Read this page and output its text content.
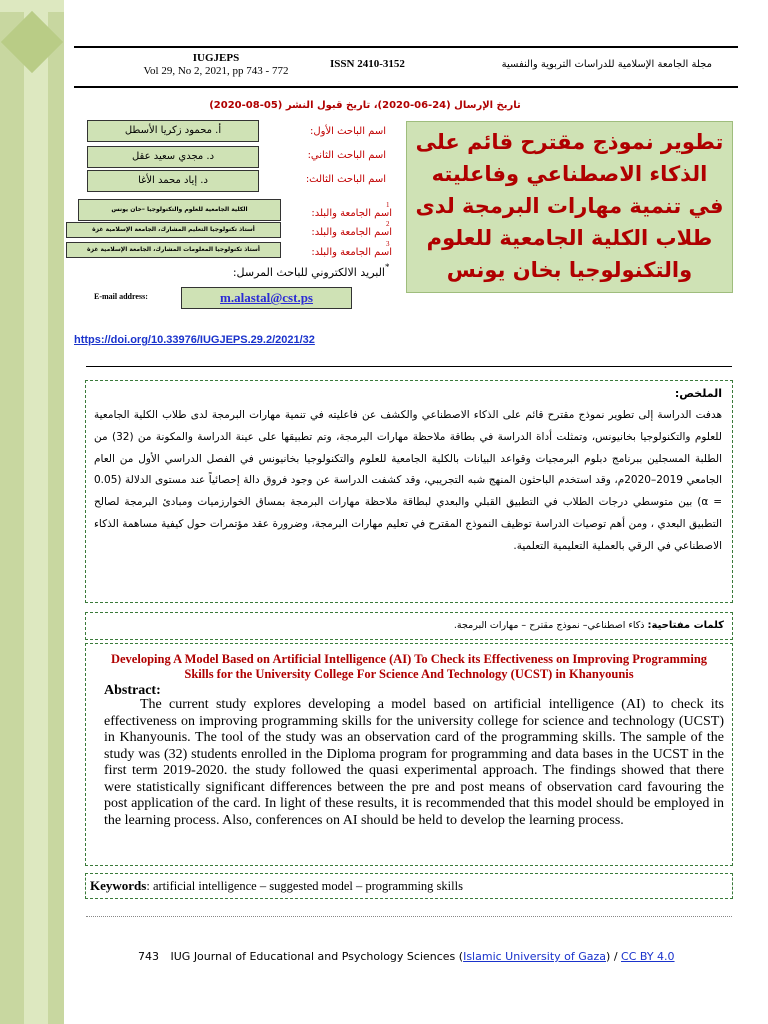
IUGJEPS
Vol 29, No 2, 2021, pp 743 - 772
ISSN 2410-3152	مجلة الجامعة الإسلامية للدراسات التربوية والنفسية
تاريخ الإرسال (24-06-2020)، تاريخ قبول النشر (05-08-2020)
تطوير نموذج مقترح قائم على الذكاء الاصطناعي وفاعليته في تنمية مهارات البرمجة لدى طلاب الكلية الجامعية للعلوم والتكنولوجيا بخان يونس
اسم الباحث الأول:
أ. محمود زكريا الأسطل
اسم الباحث الثاني:
د. مجدي سعيد عقل
اسم الباحث الثالث:
د. إياد محمد الأغا
اسم الجامعة والبلد:
1
الكلية الجامعية للعلوم والتكنولوجيا –خان يونس
اسم الجامعة والبلد:
2
أستاذ تكنولوجيا التعليم المشارك، الجامعة الإسلامية غزة
اسم الجامعة والبلد:
3
أستاذ تكنولوجيا المعلومات المشارك، الجامعة الإسلامية غزة
*
البريد الالكتروني للباحث المرسل:
E-mail address:	m.alastal@cst.ps
https://doi.org/10.33976/IUGJEPS.29.2/2021/32
الملخص:
هدفت الدراسة إلى تطوير نموذج مقترح قائم على الذكاء الاصطناعي والكشف عن فاعليته في تنمية مهارات البرمجة لدى طلاب الكلية الجامعية للعلوم والتكنولوجيا بخانيونس، وتمثلت أداة الدراسة في بطاقة ملاحظة مهارات البرمجة، وتم تطبيقها على عينة الدراسة والمكونة من (32) من الطلبة المسجلين ببرنامج دبلوم البرمجيات وقواعد البيانات بالكلية الجامعية للعلوم والتكنولوجيا بخانيونس في الفصل الدراسي الأول من العام الجامعي 2019–2020م، وقد استخدم الباحثون المنهج شبه التجريبي، وقد كشفت الدراسة عن وجود فروق دالة إحصائياً عند مستوى الدلالة (0.05 = α) بين متوسطي درجات الطلاب في التطبيق القبلي والبعدي لبطاقة ملاحظة مهارات البرمجة بمساق الخوارزميات ومبادئ البرمجة لصالح التطبيق البعدي ، ومن أهم توصيات الدراسة توظيف النموذج المقترح في تعليم مهارات البرمجة، وضرورة عقد مؤتمرات حول كيفية مساهمة الذكاء الاصطناعي في الرقي بالعملية التعليمية التعلمية.
كلمات مفتاحية: ذكاء اصطناعي– نموذج مقترح – مهارات البرمجة.
Developing A Model Based on Artificial Intelligence (AI) To Check its Effectiveness on Improving Programming Skills for the University College For Science And Technology (UCST) in Khanyounis
Abstract:
The current study explores developing a model based on artificial intelligence (AI) to check its effectiveness on improving programming skills for the university college for science and technology (UCST) in Khanyounis. The tool of the study was an observation card of the programming skills. The sample of the study was (32) students enrolled in the Diploma program for programming and data bases in the UCST in the first term 2019-2020. the study followed the quasi experimental approach. The findings showed that there were statistically significant differences between the pre and post means of observation card favouring the post application of the card. In light of these results, it is recommended that this model should be employed in the learning process. Also, conferences on AI should be held to develop the learning process.
Keywords: artificial intelligence – suggested model – programming skills
743 IUG Journal of Educational and Psychology Sciences (Islamic University of Gaza) / CC BY 4.0
